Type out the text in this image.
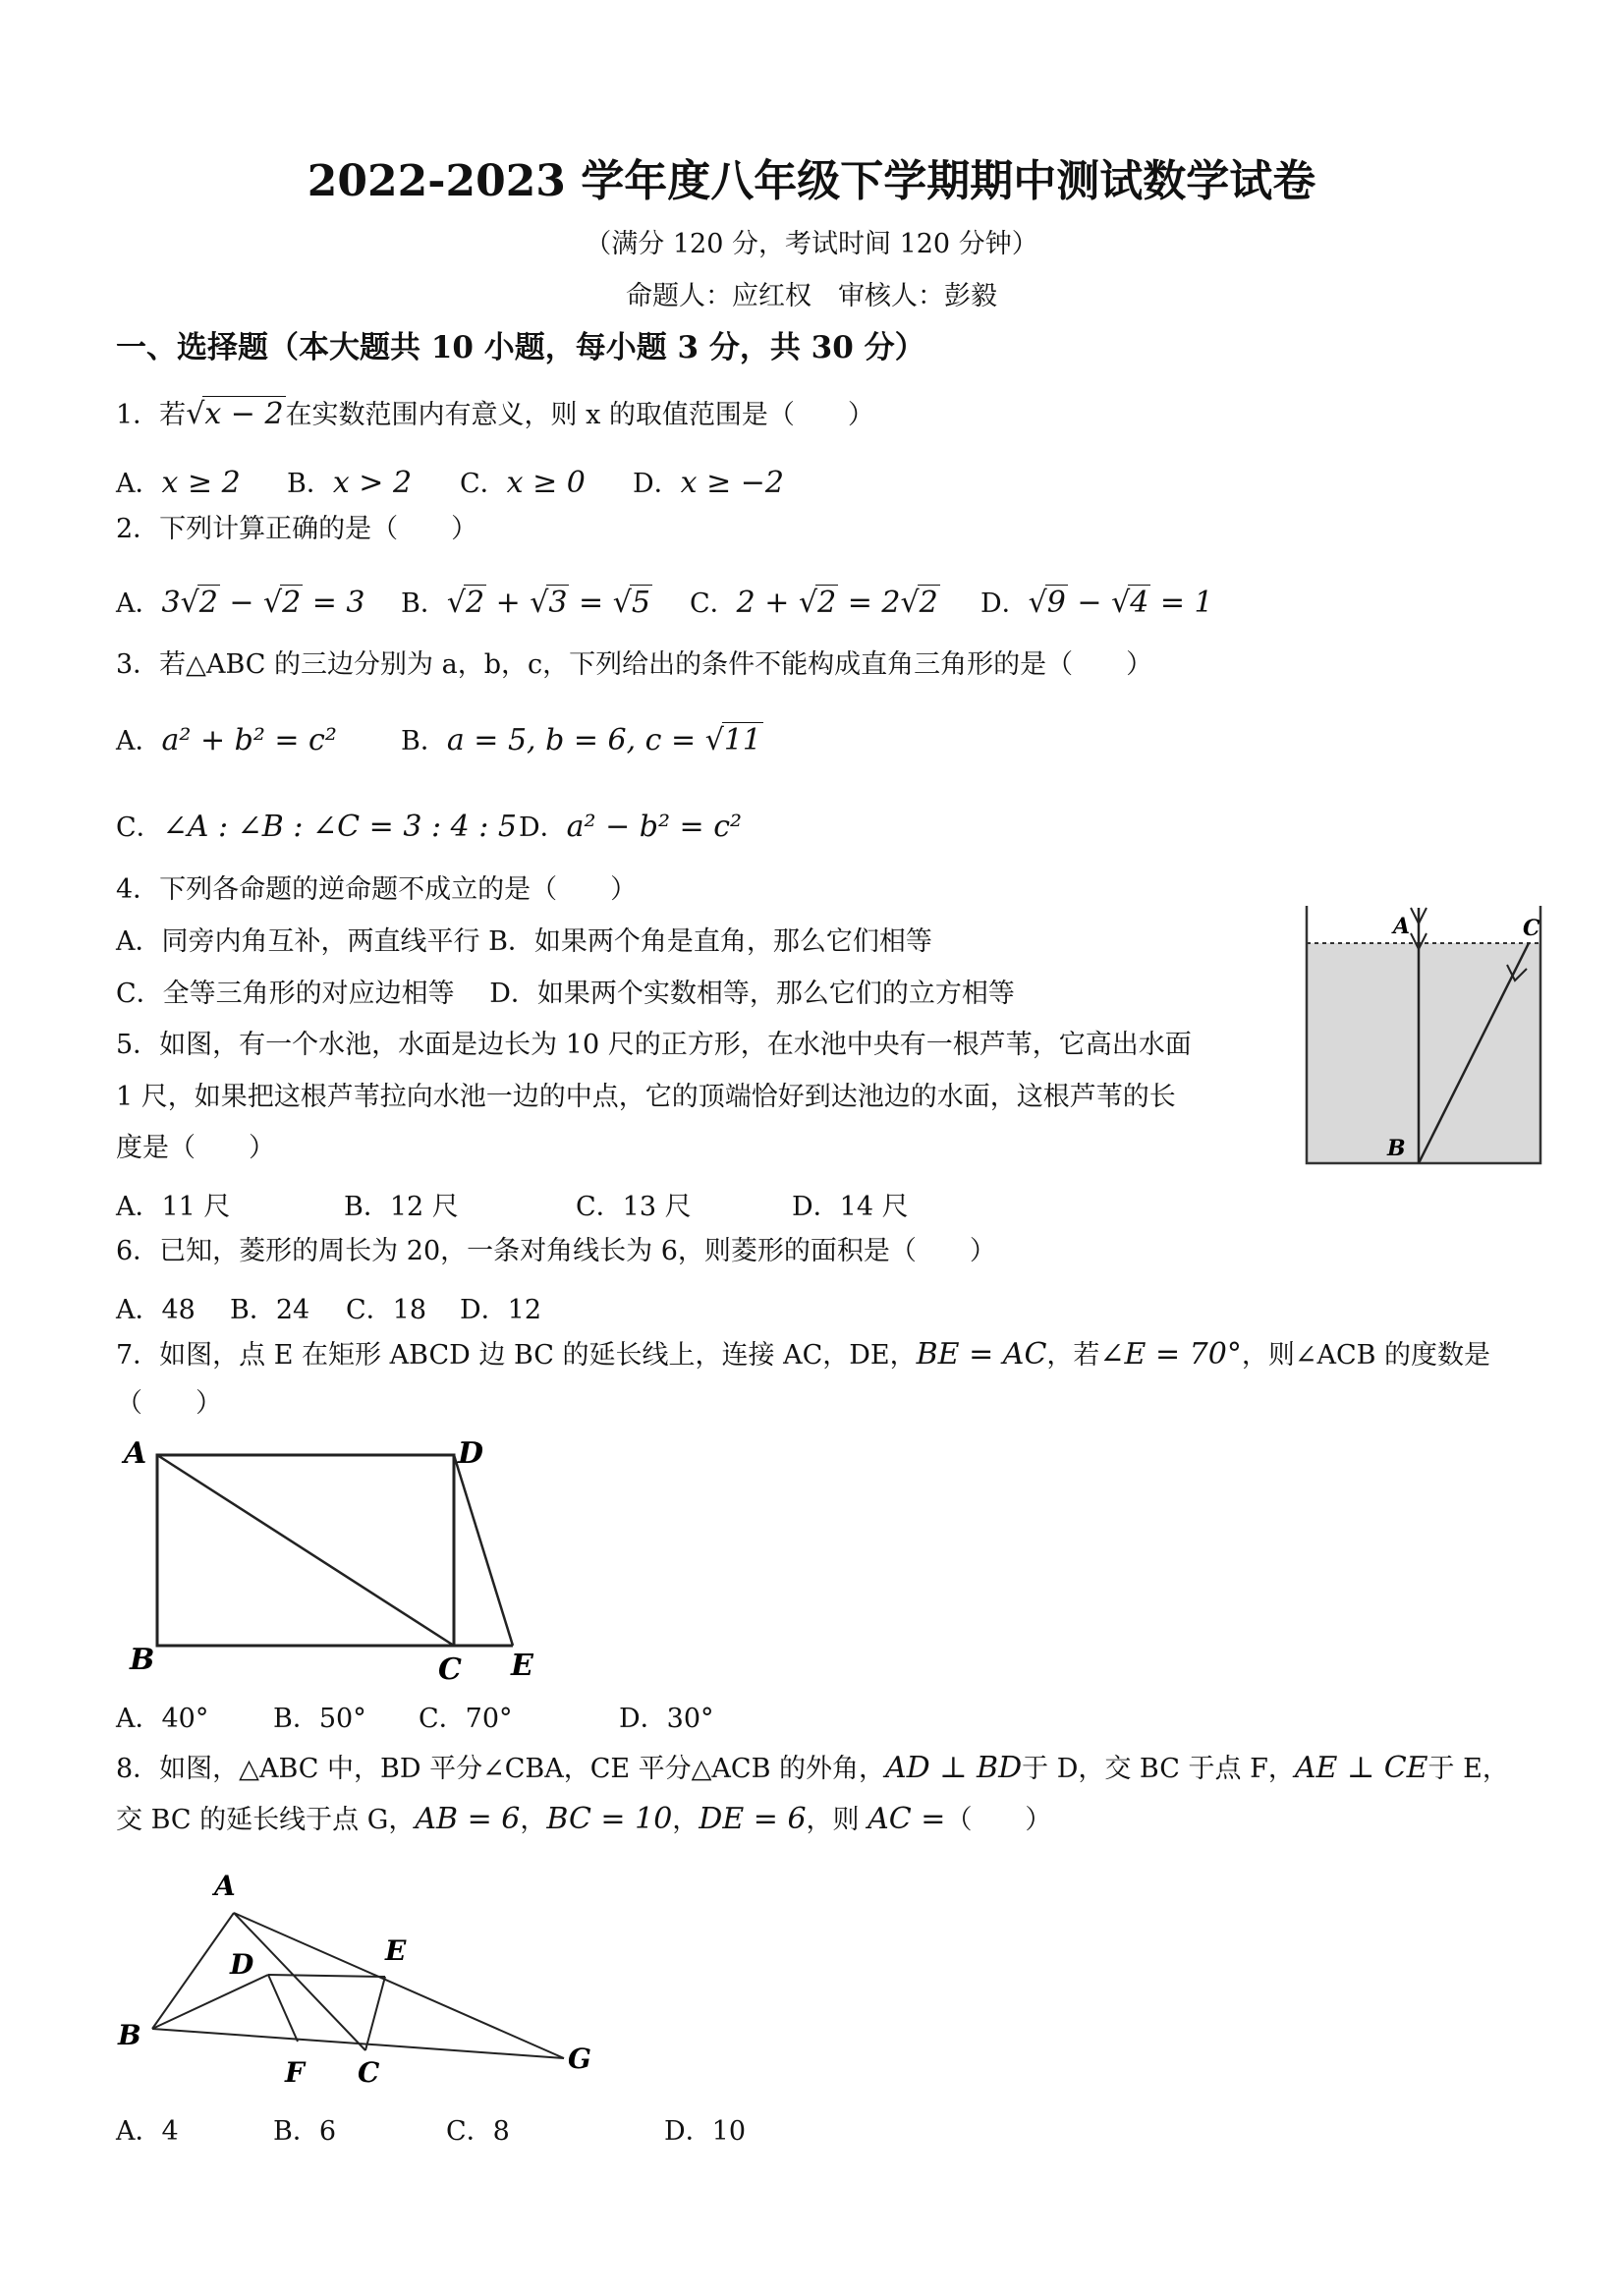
2022-2023 学年度八年级下学期期中测试数学试卷
（满分 120 分，考试时间 120 分钟）
命题人：应红权　审核人：彭毅
一、选择题（本大题共 10 小题，每小题 3 分，共 30 分）
1．若√x − 2在实数范围内有意义，则 x 的取值范围是（　　）
A．x ≥ 2 B．x > 2 C．x ≥ 0 D．x ≥ −2
2．下列计算正确的是（　　）
A．3√2 − √2 = 3 B．√2 + √3 = √5 C．2 + √2 = 2√2 D．√9 − √4 = 1
3．若△ABC 的三边分别为 a，b，c，下列给出的条件不能构成直角三角形的是（　　）
A．a² + b² = c² B．a = 5, b = 6, c = √11
C．∠A : ∠B : ∠C = 3 : 4 : 5 D．a² − b² = c²
4．下列各命题的逆命题不成立的是（　　）
A．同旁内角互补，两直线平行 B．如果两个角是直角，那么它们相等
C．全等三角形的对应边相等　 D．如果两个实数相等，那么它们的立方相等
5．如图，有一个水池，水面是边长为 10 尺的正方形，在水池中央有一根芦苇，它高出水面
1 尺，如果把这根芦苇拉向水池一边的中点，它的顶端恰好到达池边的水面，这根芦苇的长
度是（　　）
A．11 尺	B．12 尺	C．13 尺	D．14 尺
A	C
B
6．已知，菱形的周长为 20，一条对角线长为 6，则菱形的面积是（　　）
A．48 B．24 C．18 D．12
7．如图，点 E 在矩形 ABCD 边 BC 的延长线上，连接 AC，DE，BE = AC，若∠E = 70°，则∠ACB 的度数是
（　　）
A	D
B	C E
A．40° B．50° C．70°	D．30°
8．如图，△ABC 中，BD 平分∠CBA，CE 平分△ACB 的外角，AD ⊥ BD于 D，交 BC 于点 F，AE ⊥ CE于 E，
交 BC 的延长线于点 G，AB = 6，BC = 10，DE = 6，则 AC =（　　）
A
D	E
B
F C	G
A．4	B．6	C．8	D．10
